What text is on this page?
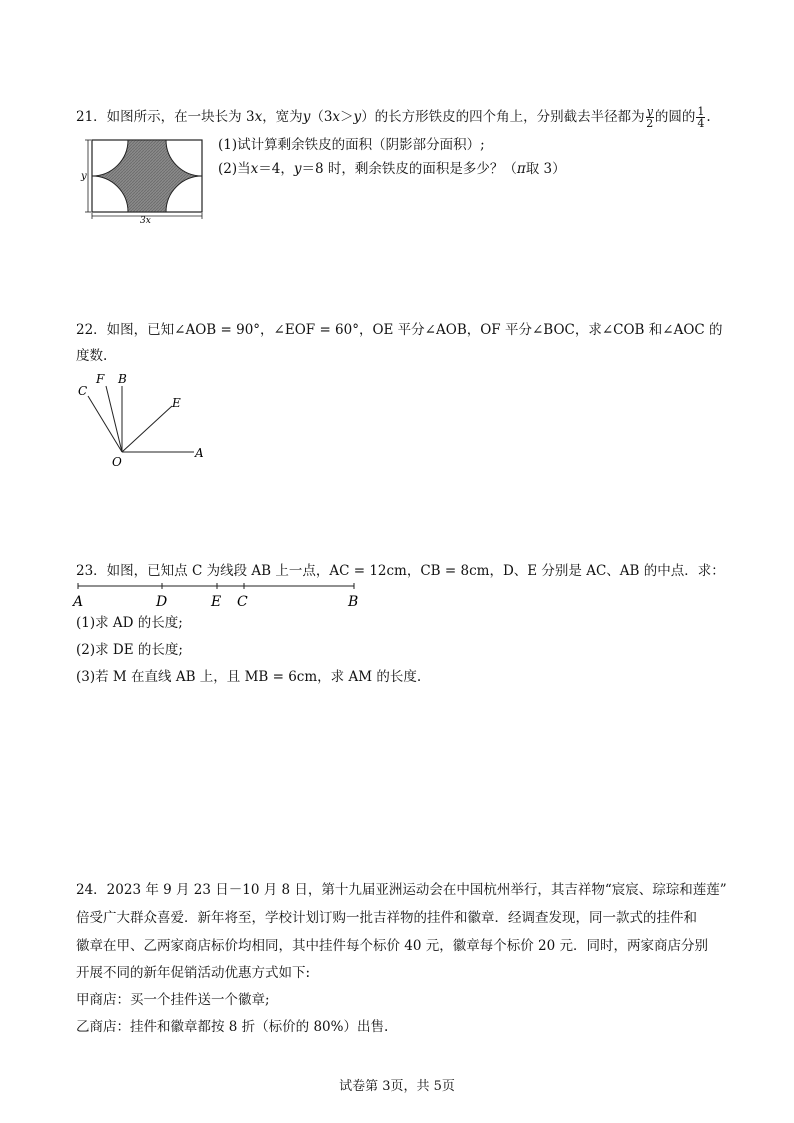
21．如图所示，在一块长为 3x，宽为y（3x＞y）的长方形铁皮的四个角上，分别截去半径都为 $\frac{y}{2}$ 的圆的 $\frac{1}{4}$ .
(1)试计算剩余铁皮的面积（阴影部分面积）;
(2)当x＝4，y＝8 时，剩余铁皮的面积是多少？（π取 3）
y
3x
22．如图，已知∠AOB = 90°，∠EOF = 60°，OE 平分∠AOB，OF 平分∠BOC，求∠COB 和∠AOC 的
度数.
C
F B
E
O
A
23．如图，已知点 C 为线段 AB 上一点，AC = 12cm，CB = 8cm，D、E 分别是 AC、AB 的中点．求：
A	D	E C	B
(1)求 AD 的长度;
(2)求 DE 的长度;
(3)若 M 在直线 AB 上，且 MB = 6cm，求 AM 的长度.
24．2023 年 9 月 23 日－10 月 8 日，第十九届亚洲运动会在中国杭州举行，其吉祥物“宸宸、琮琮和莲莲”
倍受广大群众喜爱．新年将至，学校计划订购一批吉祥物的挂件和徽章．经调查发现，同一款式的挂件和
徽章在甲、乙两家商店标价均相同，其中挂件每个标价 40 元，徽章每个标价 20 元．同时，两家商店分别
开展不同的新年促销活动优惠方式如下:
甲商店：买一个挂件送一个徽章;
乙商店：挂件和徽章都按 8 折（标价的 80%）出售.
试卷第 3页，共 5页
